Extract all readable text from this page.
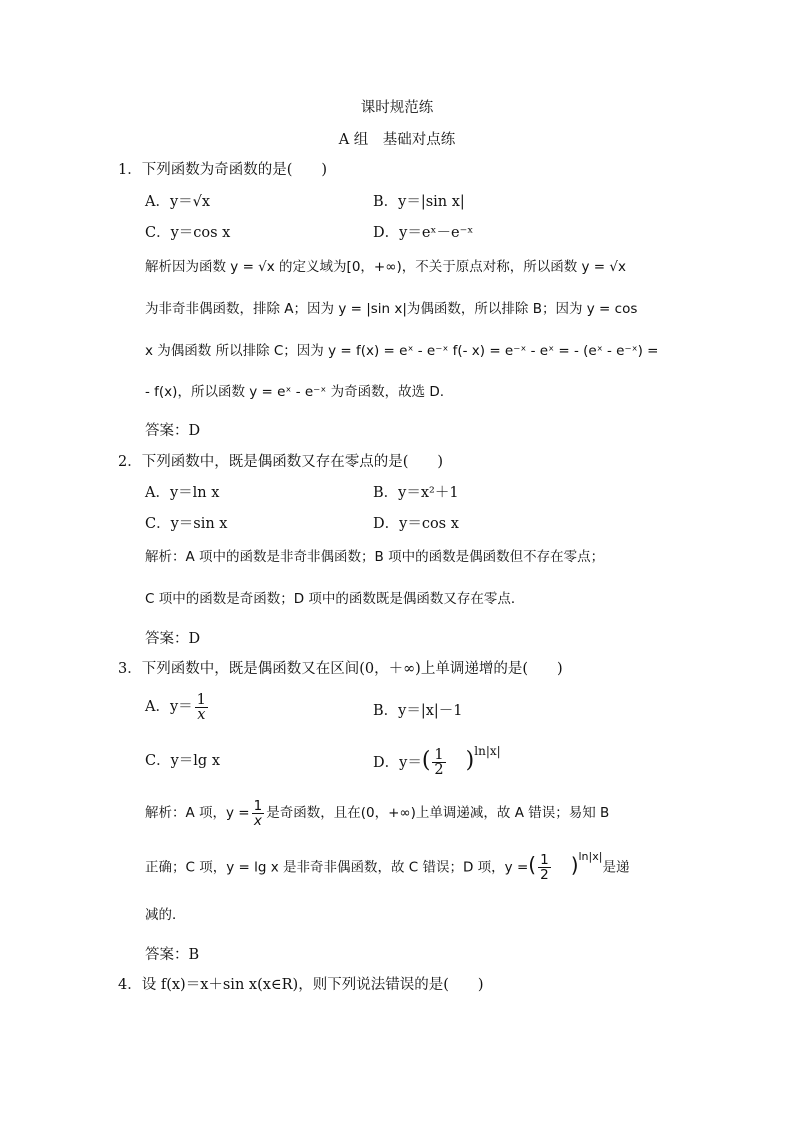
课时规范练
A 组　基础对点练
1．下列函数为奇函数的是(　　)
A．y＝√x	B．y＝|sin x|
C．y＝cos x	D．y＝eˣ－e⁻ˣ
解析因为函数 y = √x 的定义域为[0，+∞)，不关于原点对称，所以函数 y = √x
为非奇非偶函数，排除 A；因为 y = |sin x|为偶函数，所以排除 B；因为 y = cos
x 为偶函数 所以排除 C；因为 y = f(x) = eˣ - e⁻ˣ f(- x) = e⁻ˣ - eˣ = - (eˣ - e⁻ˣ) =
- f(x)，所以函数 y = eˣ - e⁻ˣ 为奇函数，故选 D.
答案：D
2．下列函数中，既是偶函数又存在零点的是(　　)
A．y＝ln x	B．y＝x²＋1
C．y＝sin x	D．y＝cos x
解析：A 项中的函数是非奇非偶函数；B 项中的函数是偶函数但不存在零点；
C 项中的函数是奇函数；D 项中的函数既是偶函数又存在零点．
答案：D
3．下列函数中，既是偶函数又在区间(0，＋∞)上单调递增的是(　　)
A．$y= \frac{1}{x}$	B．y＝|x|－1
C．y＝lg x	D．$y=( \frac{1}{2} )^{ln|x|}$
解析：A 项，$y = \frac{1}{x}$ 是奇函数，且在(0，+∞)上单调递减，故 A 错误；易知 B
正确；C 项，y = lg x 是非奇非偶函数，故 C 错误；D 项，y =( $\frac{1}{2} )^{ln|x|}$是递
减的．
答案：B
4．设 f(x)＝x＋sin x(x∈R)，则下列说法错误的是(　　)
